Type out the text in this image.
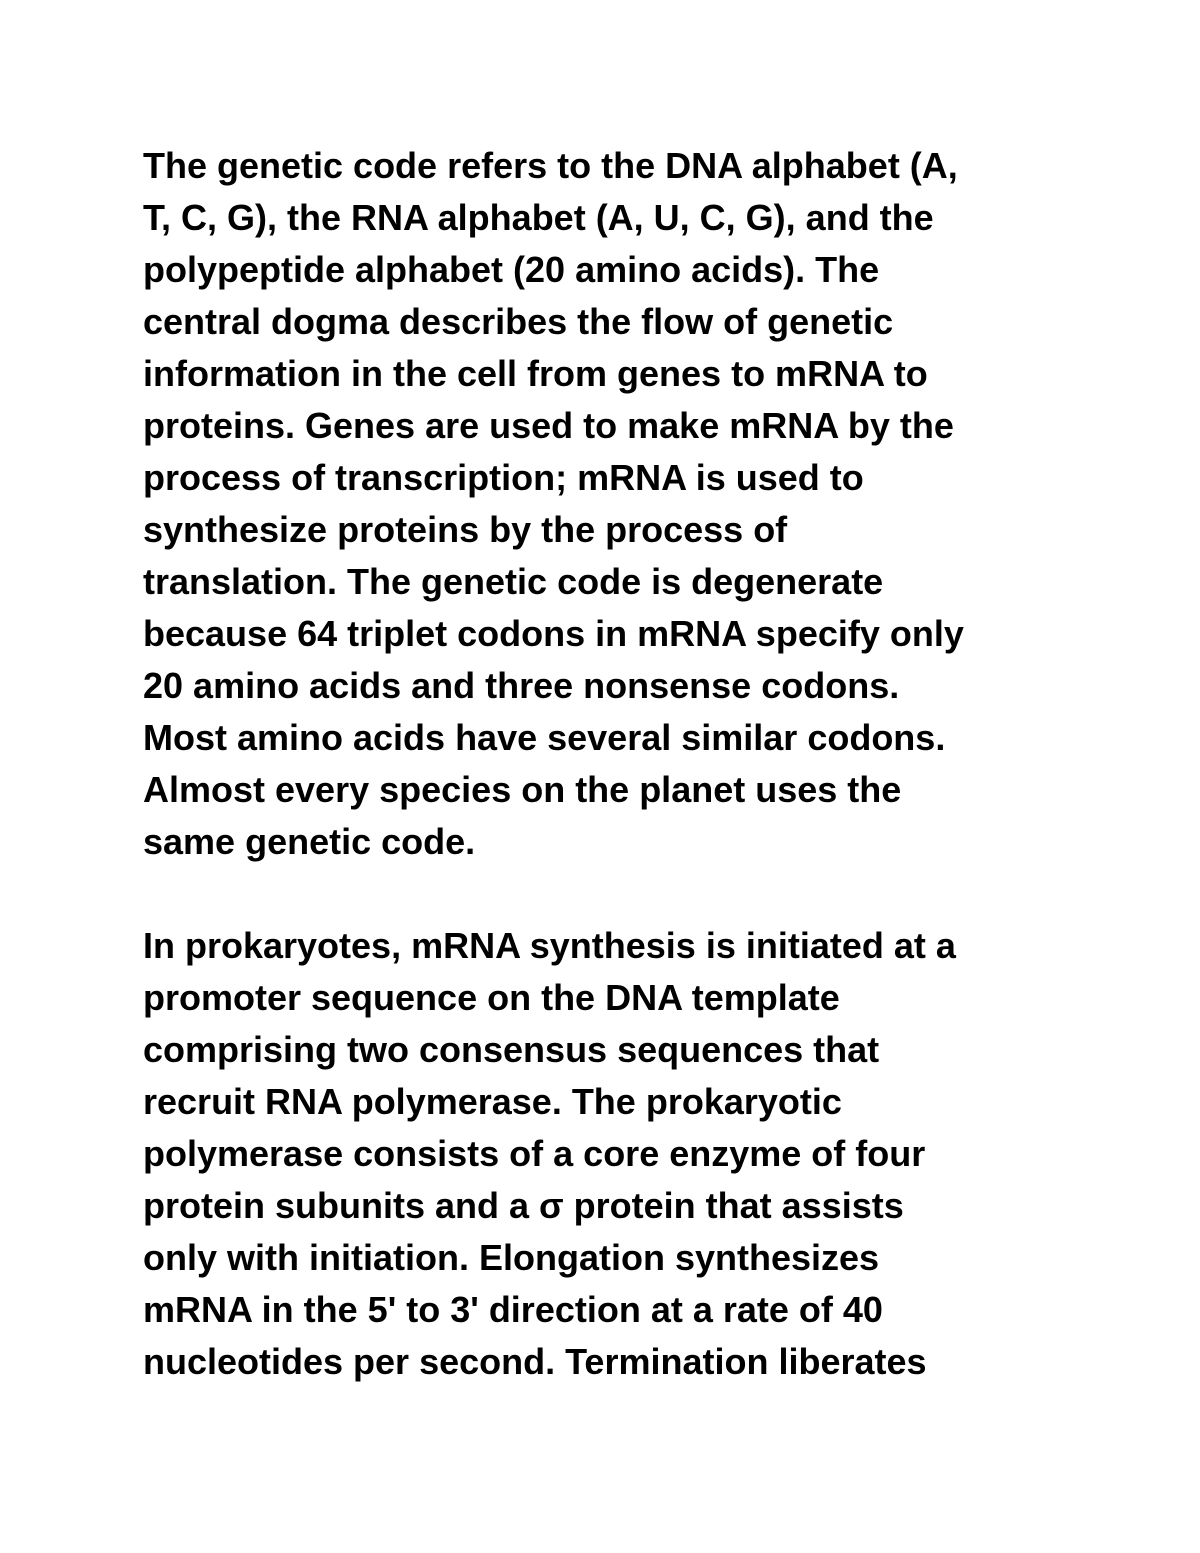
The genetic code refers to the DNA alphabet (A,
T, C, G), the RNA alphabet (A, U, C, G), and the
polypeptide alphabet (20 amino acids). The
central dogma describes the flow of genetic
information in the cell from genes to mRNA to
proteins. Genes are used to make mRNA by the
process of transcription; mRNA is used to
synthesize proteins by the process of
translation. The genetic code is degenerate
because 64 triplet codons in mRNA specify only
20 amino acids and three nonsense codons.
Most amino acids have several similar codons.
Almost every species on the planet uses the
same genetic code.
In prokaryotes, mRNA synthesis is initiated at a
promoter sequence on the DNA template
comprising two consensus sequences that
recruit RNA polymerase. The prokaryotic
polymerase consists of a core enzyme of four
protein subunits and a σ protein that assists
only with initiation. Elongation synthesizes
mRNA in the 5' to 3' direction at a rate of 40
nucleotides per second. Termination liberates
